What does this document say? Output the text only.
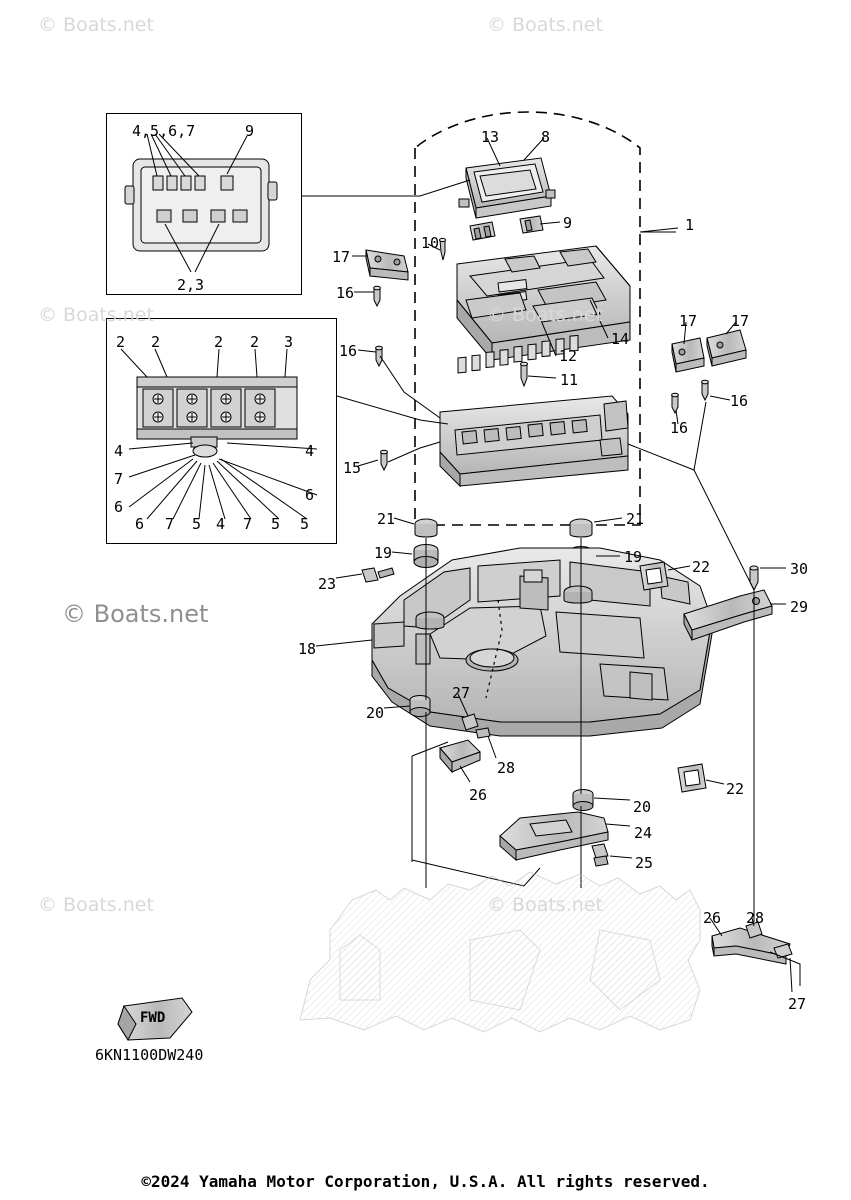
FWD
4,5,6,7	9
2,3
2 2	2 2 3
4	4
7
6
6
6 7 5 4 7 5 5
1
13	8
9
10
17
16
14
12
17 17
16
16
16
11
15
21	21
19	19
22	30
29
23
18
20
27
28
26	22
20
24
25
26 28
27
© Boats.net	© Boats.net
© Boats.net	© Boats.net
© Boats.net	© Boats.net
© Boats.net
6KN1100DW240
©2024 Yamaha Motor Corporation, U.S.A. All rights reserved.
